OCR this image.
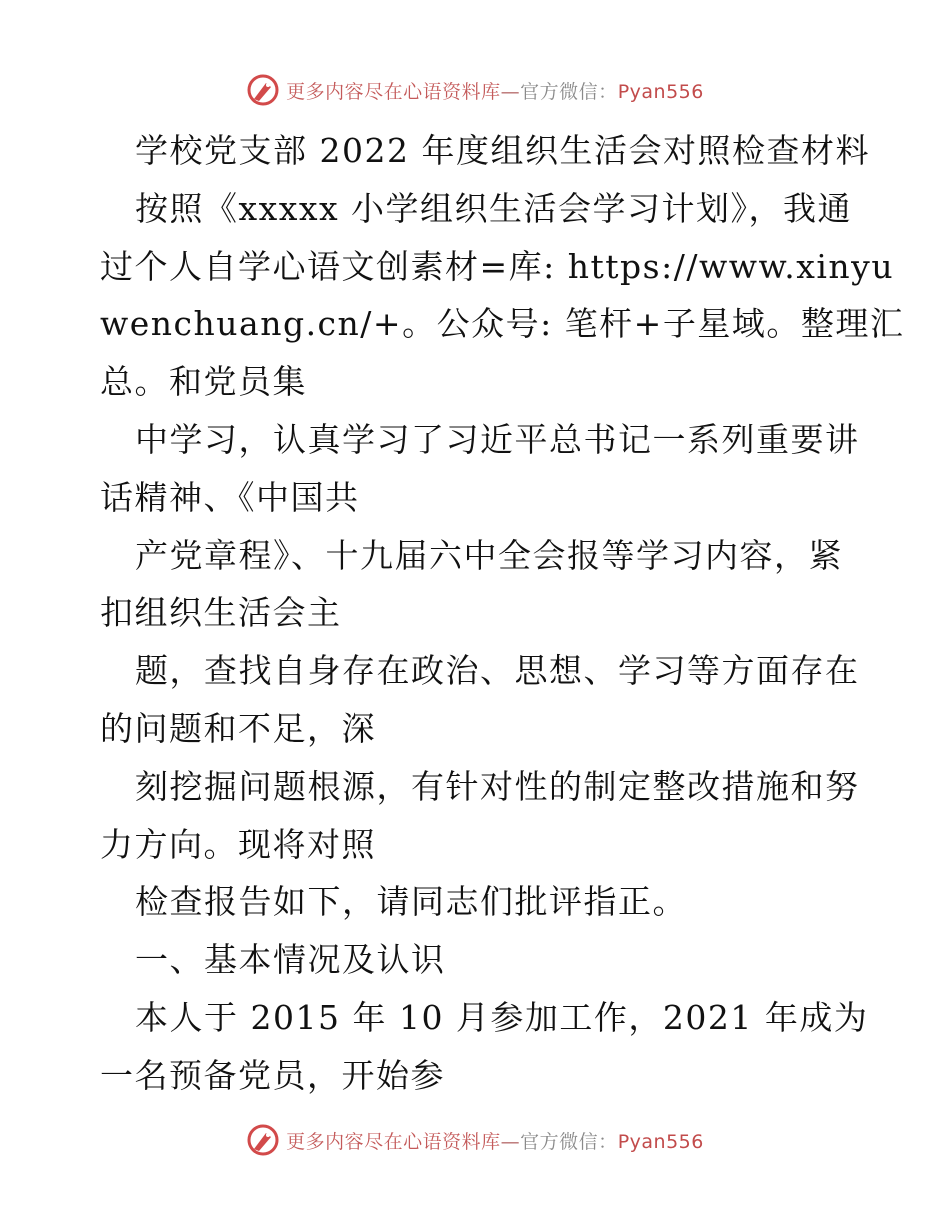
更多内容尽在心语资料库—官方微信：Pyan556
学校党支部 2022 年度组织生活会对照检查材料
按照《xxxxx 小学组织生活会学习计划》，我通
过个人自学心语文创素材=库: https://www.xinyu
wenchuang.cn/+。公众号: 笔杆+子星域。整理汇
总。和党员集
中学习，认真学习了习近平总书记一系列重要讲
话精神、《中国共
产党章程》、十九届六中全会报等学习内容，紧
扣组织生活会主
题，查找自身存在政治、思想、学习等方面存在
的问题和不足，深
刻挖掘问题根源，有针对性的制定整改措施和努
力方向。现将对照
检查报告如下，请同志们批评指正。
一、基本情况及认识
本人于 2015 年 10 月参加工作，2021 年成为
一名预备党员，开始参
更多内容尽在心语资料库—官方微信：Pyan556
